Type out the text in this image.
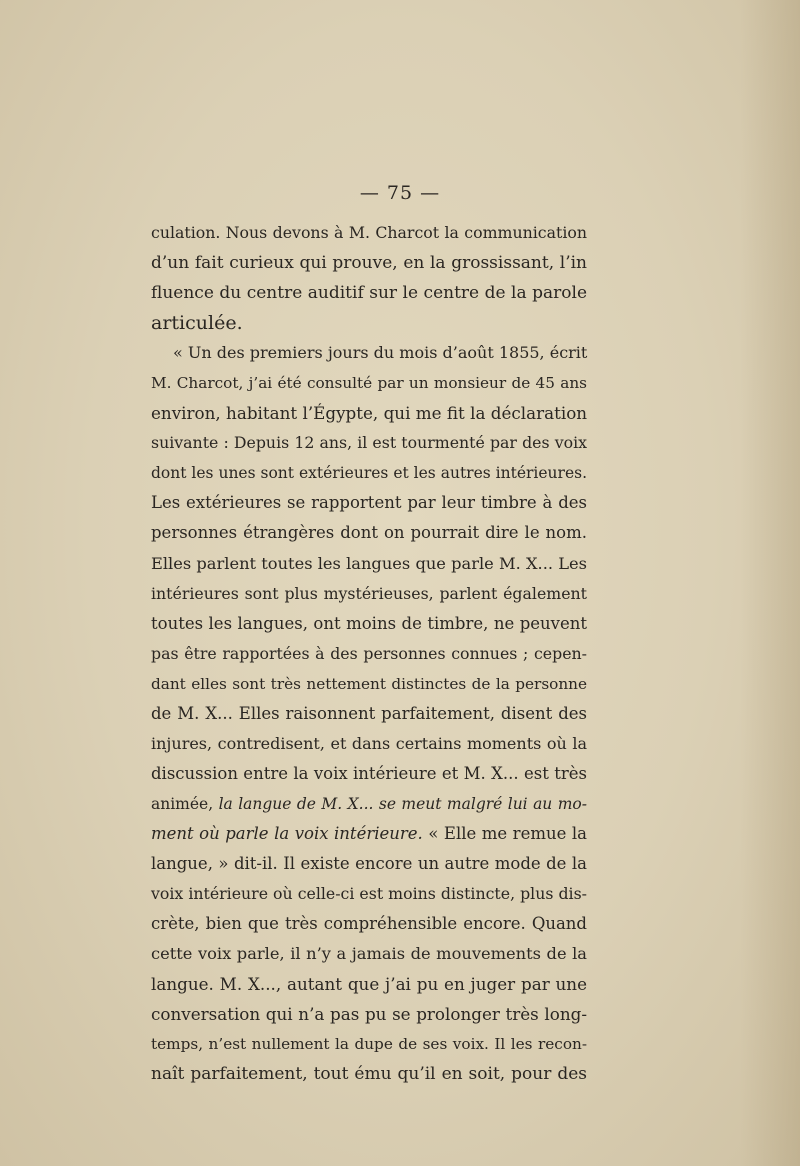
— 75 —
culation. Nous devons à M. Charcot la communication
d’un fait curieux qui prouve, en la grossissant, l’in
fluence du centre auditif sur le centre de la parole
articulée.
« Un des premiers jours du mois d’août 1855, écrit
M. Charcot, j’ai été consulté par un monsieur de 45 ans
environ, habitant l’Égypte, qui me fit la déclaration
suivante : Depuis 12 ans, il est tourmenté par des voix
dont les unes sont extérieures et les autres intérieures.
Les extérieures se rapportent par leur timbre à des
personnes étrangères dont on pourrait dire le nom.
Elles parlent toutes les langues que parle M. X... Les
intérieures sont plus mystérieuses, parlent également
toutes les langues, ont moins de timbre, ne peuvent
pas être rapportées à des personnes connues ; cepen-
dant elles sont très nettement distinctes de la personne
de M. X... Elles raisonnent parfaitement, disent des
injures, contredisent, et dans certains moments où la
discussion entre la voix intérieure et M. X... est très
animée, la langue de M. X... se meut malgré lui au mo-
ment où parle la voix intérieure. « Elle me remue la
langue, » dit-il. Il existe encore un autre mode de la
voix intérieure où celle-ci est moins distincte, plus dis-
crète, bien que très compréhensible encore. Quand
cette voix parle, il n’y a jamais de mouvements de la
langue. M. X..., autant que j’ai pu en juger par une
conversation qui n’a pas pu se prolonger très long-
temps, n’est nullement la dupe de ses voix. Il les recon-
naît parfaitement, tout ému qu’il en soit, pour des
